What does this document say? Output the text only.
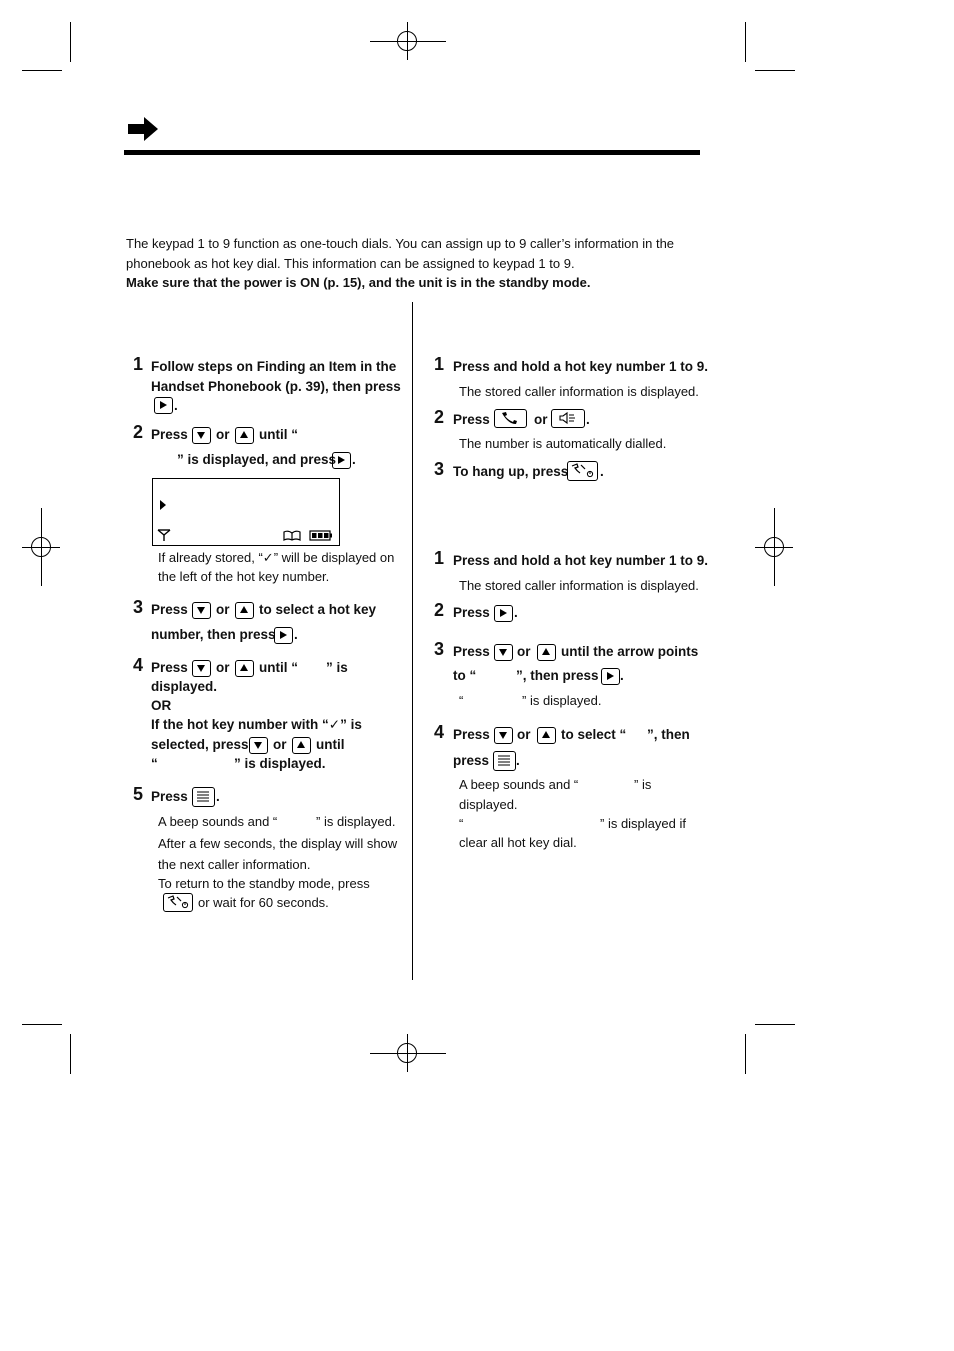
The keypad 1 to 9 function as one-touch dials. You can assign up to 9 caller’s information in the
phonebook as hot key dial. This information can be assigned to keypad 1 to 9.
Make sure that the power is ON (p. 15), and the unit is in the standby mode.
1 Follow steps on Finding an Item in the
Handset Phonebook (p. 39), then press
.
2 Press or until “
” is displayed, and press .
If already stored, “✓” will be displayed on
the left of the hot key number.
3 Press or to select a hot key
number, then press .
4 Press or until “ ” is
displayed.
OR
If the hot key number with “✓” is
selected, press or until
“	” is displayed.
5 Press .
A beep sounds and “	” is displayed.
After a few seconds, the display will show
the next caller information.
To return to the standby mode, press
or wait for 60 seconds.
1 Press and hold a hot key number 1 to 9.
The stored caller information is displayed.
2 Press	or	.
The number is automatically dialled.
3 To hang up, press .
1 Press and hold a hot key number 1 to 9.
The stored caller information is displayed.
2 Press .
3 Press or until the arrow points
to “	”, then press .
“	” is displayed.
4 Press or to select “ ”, then
press .
A beep sounds and “	” is
displayed.
“	” is displayed if
clear all hot key dial.
